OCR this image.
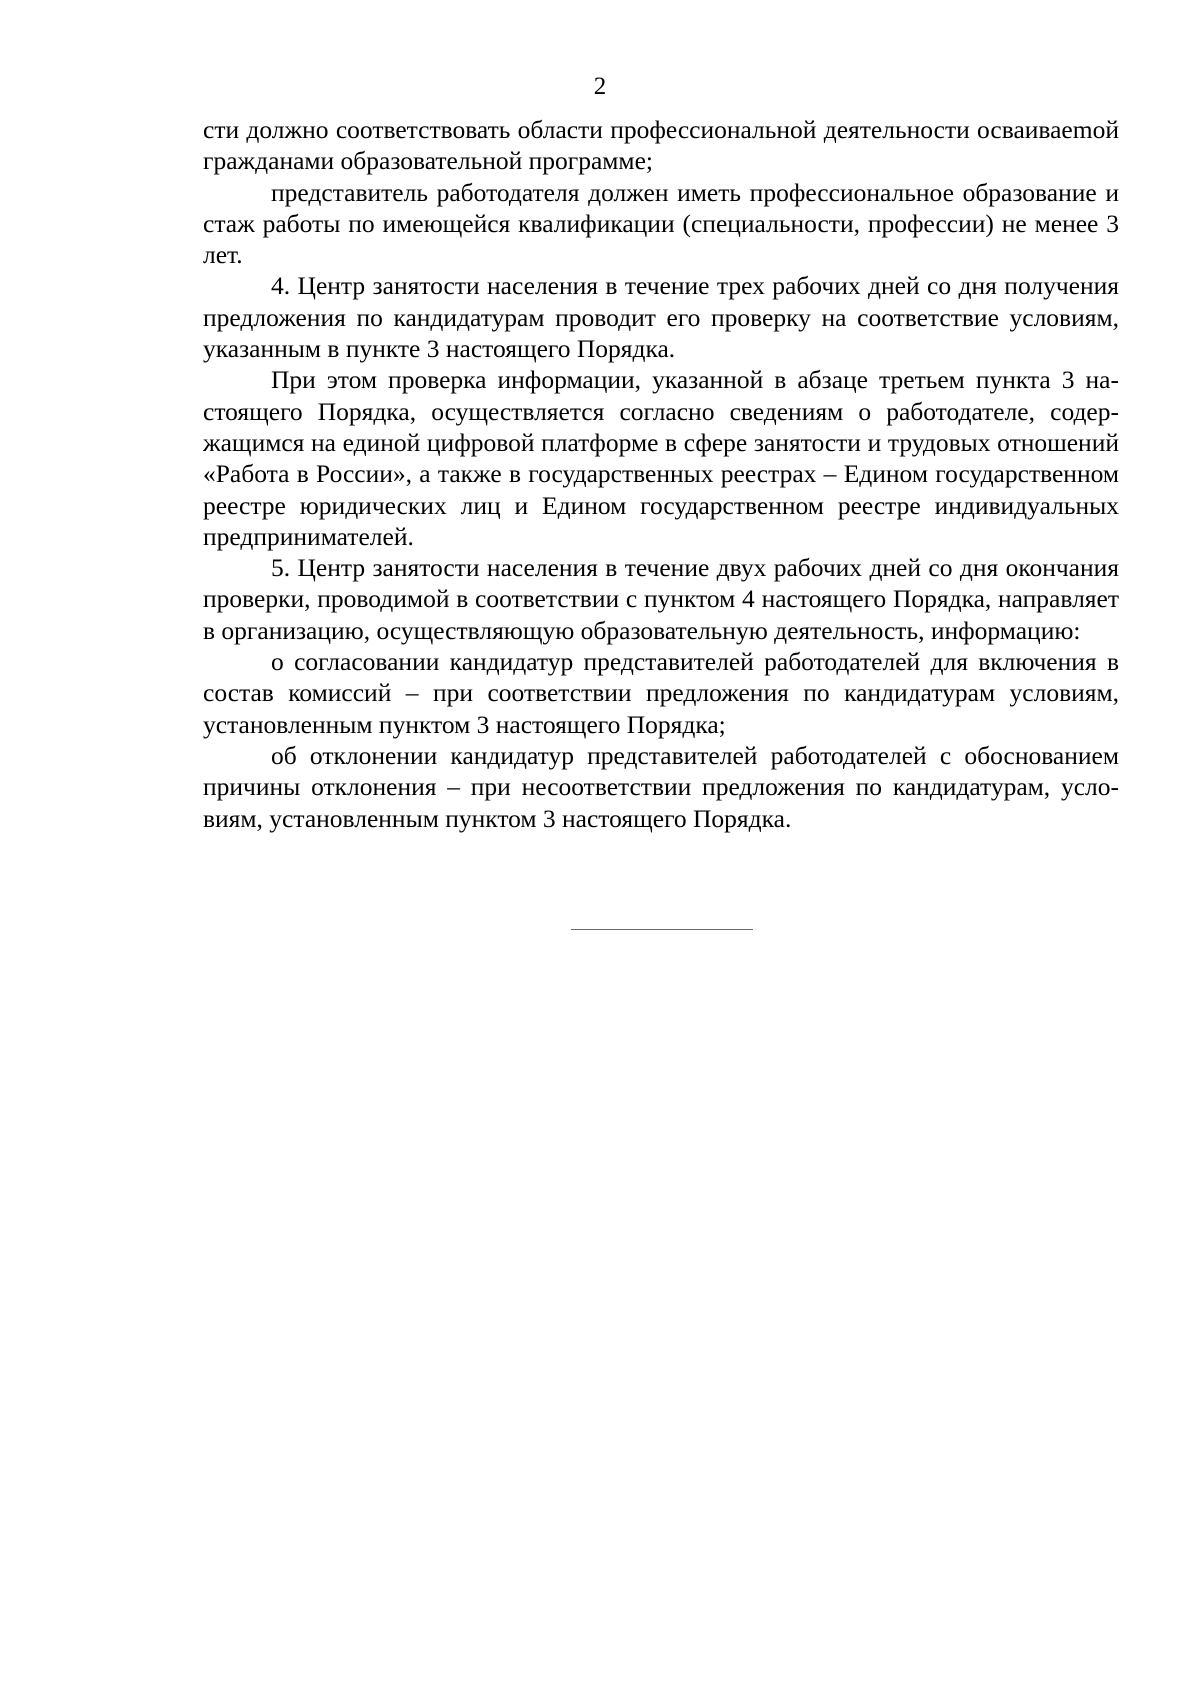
2

сти должно соответствовать области профессиональной деятельности осваиваеmой гражданами образовательной программе;

представитель работодателя должен иметь профессиональное образование и стаж работы по имеющейся квалификации (специальности, профессии) не менее 3 лет.

4. Центр занятости населения в течение трех рабочих дней со дня получения предложения по кандидатурам проводит его проверку на соответствие условиям, указанным в пункте 3 настоящего Порядка.

При этом проверка информации, указанной в абзаце третьем пункта 3 настоящего Порядка, осуществляется согласно сведениям о работодателе, содержащимся на единой цифровой платформе в сфере занятости и трудовых отношений «Работа в России», а также в государственных реестрах – Едином государственном реестре юридических лиц и Едином государственном реестре индивидуальных предпринимателей.

5. Центр занятости населения в течение двух рабочих дней со дня окончания проверки, проводимой в соответствии с пунктом 4 настоящего Порядка, направляет в организацию, осуществляющую образовательную деятельность, информацию:

о согласовании кандидатур представителей работодателей для включения в состав комиссий – при соответствии предложения по кандидатурам условиям, установленным пунктом 3 настоящего Порядка;

об отклонении кандидатур представителей работодателей с обоснованием причины отклонения – при несоответствии предложения по кандидатурам, условиям, установленным пунктом 3 настоящего Порядка.
